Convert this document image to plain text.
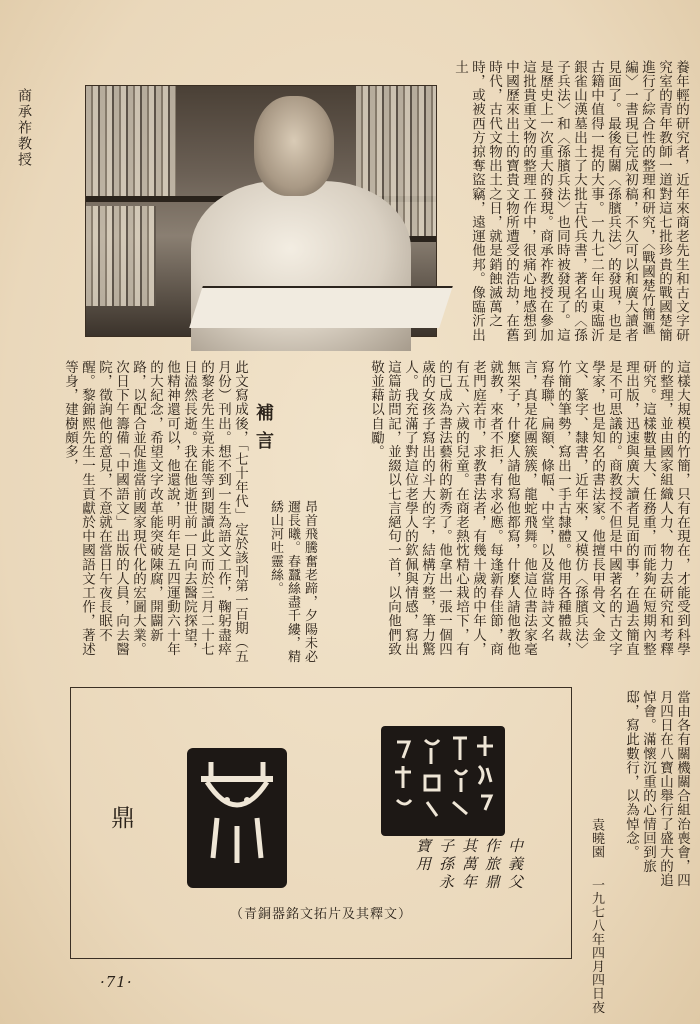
養年輕的研究者，近年來商老先生和古文字研究室的青年教師一道對這七批珍貴的戰國楚簡進行了綜合性的整理和研究，〈戰國楚竹簡滙編〉一書現已完成初稿，不久可以和廣大讀者見面了。最後有關〈孫臏兵法〉的發現，也是古籍中值得一提的大事。一九七二年山東臨沂銀雀山漢墓出土了大批古代兵書，著名的〈孫子兵法〉和〈孫臏兵法〉也同時被發現了。這是歷史上一次重大的發現。商承祚教授在參加這批貴重文物的整理工作中，很痛心地感想到中國歷來出土的寶貴文物所遭受的浩劫，在舊時代，古代文物出土之日，就是銷蝕滅萬之時，或被西方掠奪盜竊，遠運他邦。像臨沂出土
商承祚教授
這樣大規模的竹簡，只有在現在，才能受到科學的整理，並由國家組織人力、物力去研究和考釋研究。這樣數量大、任務重，而能夠在短期內整理出版，迅速與廣大讀者見面的事，在過去簡直是不可思議的。商教授不但是中國著名的古文字學家，也是知名的書法家。他擅長甲骨文、金文、篆字、隸書，近年來，又模仿〈孫臏兵法〉竹簡的筆勢，寫出一手古隸體。他用各種體裁，寫春聯、扁額、條幅、中堂，以及當時詩文名言，真是花團簇簇，龍蛇飛舞。他這位書法家毫無架子，什麼人請他寫他都寫，什麼人請他教他就教，來者不拒，有求必應。每逢新春佳節，商老門庭若市，求教書法者，有幾十歲的中年人，有五、六歲的兒童。在商老熱忱精心栽培下，有的已成為書法藝術的新秀了。他拿出一張一個四歲的女孩子寫出的斗大的字，結構方整，筆力驚人。我充滿了對這位老學人的欽佩與情感，寫出這篇訪問記，並綴以七言絕句一首，以向他們致敬並藉以自勵。
昂首飛騰奮老蹄，夕陽未必邇長曦。春蠶絲盡千縷，精綉山河吐靈絲。
補言
此文寫成後，「七十年代」定於該刊第一百期（五月份）刊出。想不到一生為語文工作，鞠躬盡瘁的黎老先生竟未能等到閱讀此文而於三月二十七日溘然長逝。我在他逝世前一日向去醫院探望，他精神還可以，他還說，明年是五四運動六十年的大紀念，希望文字改革能突破陳腐，開闢新路，以配合並促進當前國家現代化的宏圖大業。次日下午籌備「中國語文」出版的人員，向去醫院，徵詢他的意見，不意就在當日午夜長眠不醒。黎錦熙先生一生貢獻於中國語文工作，著述等身，建樹頗多，
當由各有關機關合組治喪會，四月四日在八寶山舉行了盛大的追悼會。滿懷沉重的心情回到旅邸，寫此數行，以為悼念。
袁曉園
一九七八年四月四日夜
鼎
中義父作旅鼎其萬年子孫永寶用
（青銅器銘文拓片及其釋文）
·71·
